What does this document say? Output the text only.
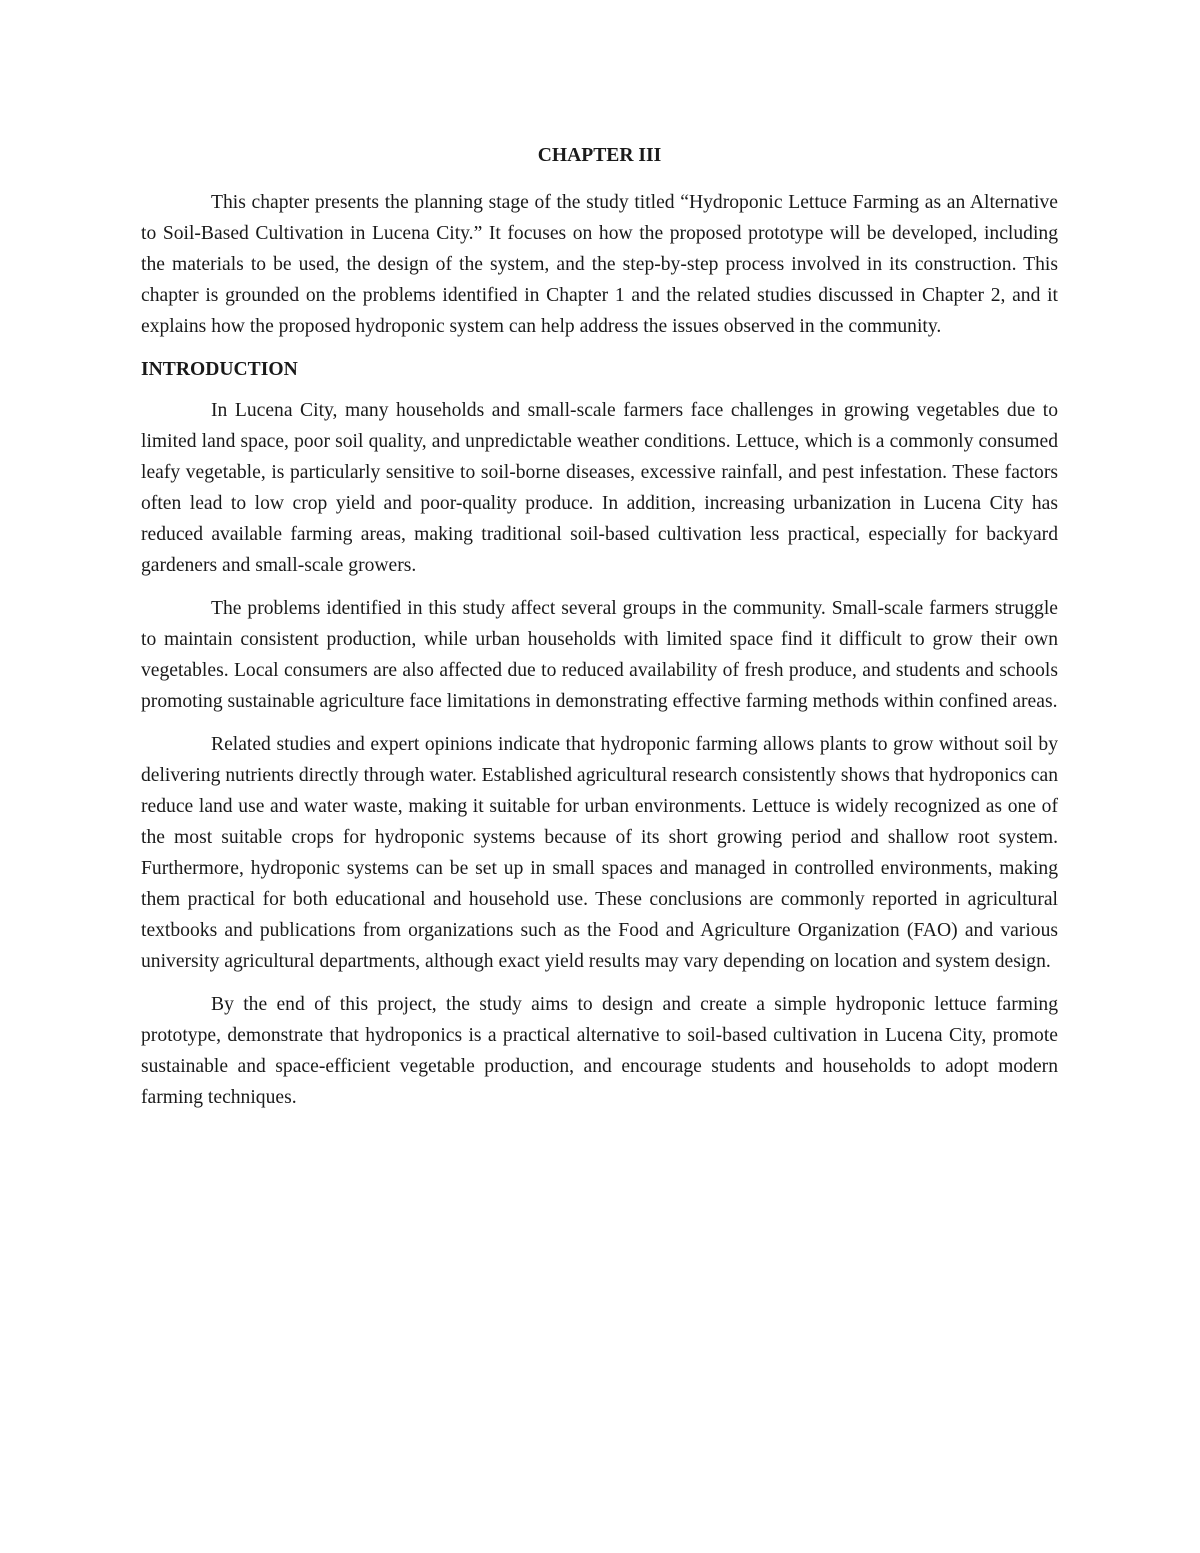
CHAPTER III

This chapter presents the planning stage of the study titled “Hydroponic Lettuce Farming as an Alternative to Soil-Based Cultivation in Lucena City.” It focuses on how the proposed prototype will be developed, including the materials to be used, the design of the system, and the step-by-step process involved in its construction. This chapter is grounded on the problems identified in Chapter 1 and the related studies discussed in Chapter 2, and it explains how the proposed hydroponic system can help address the issues observed in the community.

INTRODUCTION

In Lucena City, many households and small-scale farmers face challenges in growing vegetables due to limited land space, poor soil quality, and unpredictable weather conditions. Lettuce, which is a commonly consumed leafy vegetable, is particularly sensitive to soil-borne diseases, excessive rainfall, and pest infestation. These factors often lead to low crop yield and poor-quality produce. In addition, increasing urbanization in Lucena City has reduced available farming areas, making traditional soil-based cultivation less practical, especially for backyard gardeners and small-scale growers.

The problems identified in this study affect several groups in the community. Small-scale farmers struggle to maintain consistent production, while urban households with limited space find it difficult to grow their own vegetables. Local consumers are also affected due to reduced availability of fresh produce, and students and schools promoting sustainable agriculture face limitations in demonstrating effective farming methods within confined areas.

Related studies and expert opinions indicate that hydroponic farming allows plants to grow without soil by delivering nutrients directly through water. Established agricultural research consistently shows that hydroponics can reduce land use and water waste, making it suitable for urban environments. Lettuce is widely recognized as one of the most suitable crops for hydroponic systems because of its short growing period and shallow root system. Furthermore, hydroponic systems can be set up in small spaces and managed in controlled environments, making them practical for both educational and household use. These conclusions are commonly reported in agricultural textbooks and publications from organizations such as the Food and Agriculture Organization (FAO) and various university agricultural departments, although exact yield results may vary depending on location and system design.

By the end of this project, the study aims to design and create a simple hydroponic lettuce farming prototype, demonstrate that hydroponics is a practical alternative to soil-based cultivation in Lucena City, promote sustainable and space-efficient vegetable production, and encourage students and households to adopt modern farming techniques.
